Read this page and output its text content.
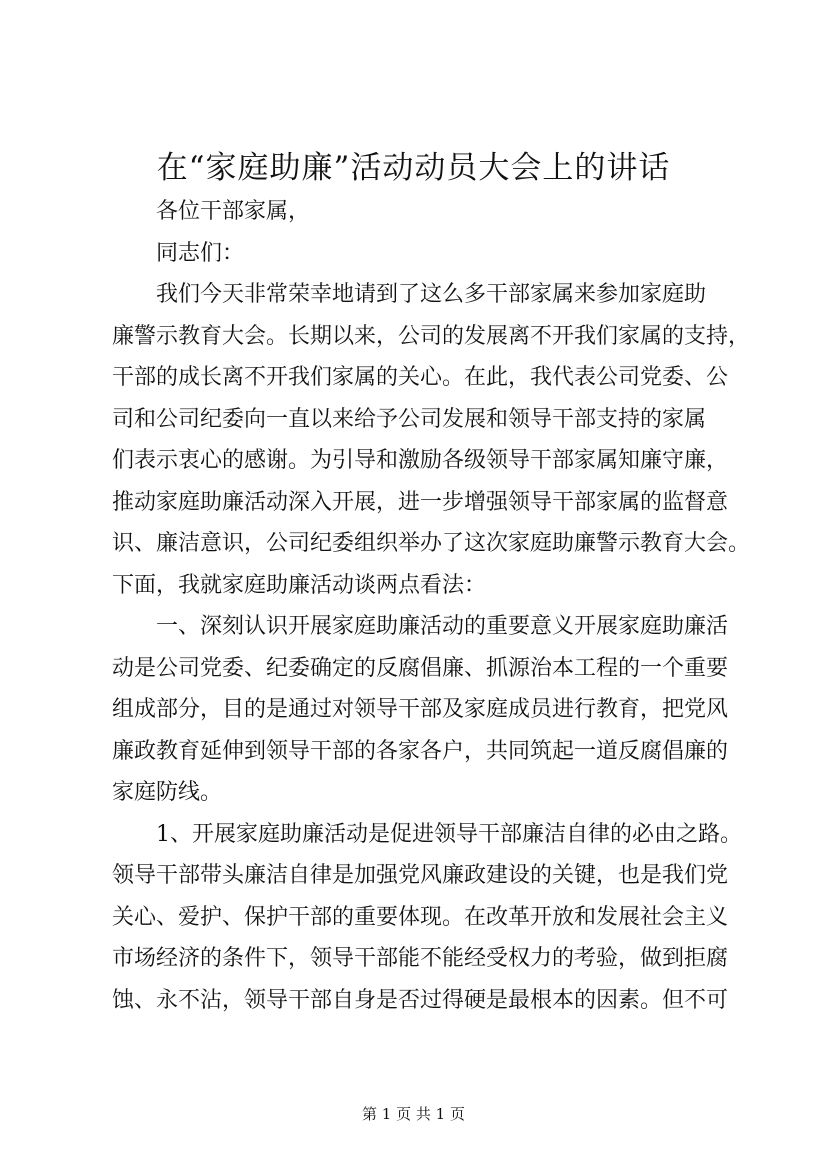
在“家庭助廉”活动动员大会上的讲话
各位干部家属，
同志们：
我们今天非常荣幸地请到了这么多干部家属来参加家庭助
廉警示教育大会。长期以来，公司的发展离不开我们家属的支持，
干部的成长离不开我们家属的关心。在此，我代表公司党委、公
司和公司纪委向一直以来给予公司发展和领导干部支持的家属
们表示衷心的感谢。为引导和激励各级领导干部家属知廉守廉，
推动家庭助廉活动深入开展，进一步增强领导干部家属的监督意
识、廉洁意识，公司纪委组织举办了这次家庭助廉警示教育大会。
下面，我就家庭助廉活动谈两点看法：
一、深刻认识开展家庭助廉活动的重要意义开展家庭助廉活
动是公司党委、纪委确定的反腐倡廉、抓源治本工程的一个重要
组成部分，目的是通过对领导干部及家庭成员进行教育，把党风
廉政教育延伸到领导干部的各家各户，共同筑起一道反腐倡廉的
家庭防线。
1、开展家庭助廉活动是促进领导干部廉洁自律的必由之路。
领导干部带头廉洁自律是加强党风廉政建设的关键，也是我们党
关心、爱护、保护干部的重要体现。在改革开放和发展社会主义
市场经济的条件下，领导干部能不能经受权力的考验，做到拒腐
蚀、永不沾，领导干部自身是否过得硬是最根本的因素。但不可
第 1 页 共 1 页
